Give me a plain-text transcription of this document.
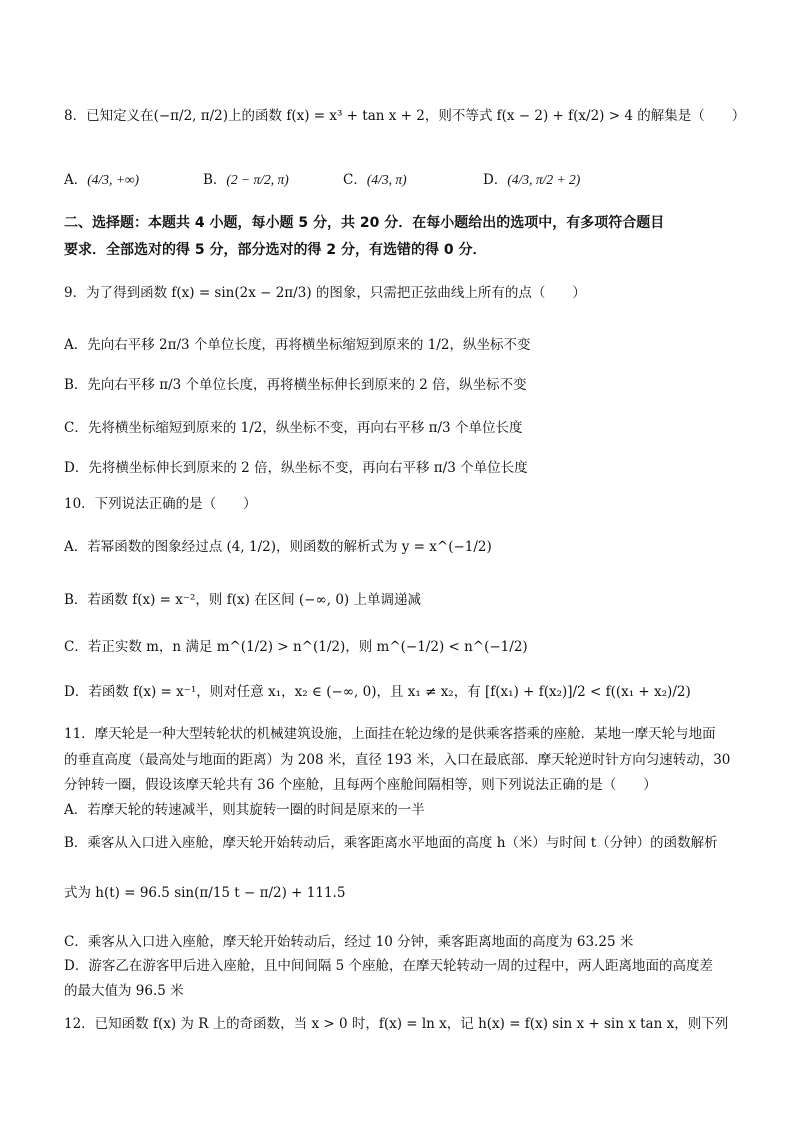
8．已知定义在(−π/2, π/2)上的函数 f(x) = x³ + tan x + 2，则不等式 f(x − 2) + f(x/2) > 4 的解集是（　　）
A．(4/3, +∞)	B．(2 − π/2, π)	C．(4/3, π)	D．(4/3, π/2 + 2)
二、选择题：本题共 4 小题，每小题 5 分，共 20 分．在每小题给出的选项中，有多项符合题目
要求．全部选对的得 5 分，部分选对的得 2 分，有选错的得 0 分．
9．为了得到函数 f(x) = sin(2x − 2π/3) 的图象，只需把正弦曲线上所有的点（　　）
A．先向右平移 2π/3 个单位长度，再将横坐标缩短到原来的 1/2，纵坐标不变
B．先向右平移 π/3 个单位长度，再将横坐标伸长到原来的 2 倍，纵坐标不变
C．先将横坐标缩短到原来的 1/2，纵坐标不变，再向右平移 π/3 个单位长度
D．先将横坐标伸长到原来的 2 倍，纵坐标不变，再向右平移 π/3 个单位长度
10．下列说法正确的是（　　）
A．若幂函数的图象经过点 (4, 1/2)，则函数的解析式为 y = x^(−1/2)
B．若函数 f(x) = x⁻²，则 f(x) 在区间 (−∞, 0) 上单调递减
C．若正实数 m，n 满足 m^(1/2) > n^(1/2)，则 m^(−1/2) < n^(−1/2)
D．若函数 f(x) = x⁻¹，则对任意 x₁，x₂ ∈ (−∞, 0)，且 x₁ ≠ x₂，有 [f(x₁) + f(x₂)]/2 < f((x₁ + x₂)/2)
11．摩天轮是一种大型转轮状的机械建筑设施，上面挂在轮边缘的是供乘客搭乘的座舱．某地一摩天轮与地面
的垂直高度（最高处与地面的距离）为 208 米，直径 193 米，入口在最底部．摩天轮逆时针方向匀速转动，30
分钟转一圈，假设该摩天轮共有 36 个座舱，且每两个座舱间隔相等，则下列说法正确的是（　　）
A．若摩天轮的转速减半，则其旋转一圈的时间是原来的一半
B．乘客从入口进入座舱，摩天轮开始转动后，乘客距离水平地面的高度 h（米）与时间 t（分钟）的函数解析
式为 h(t) = 96.5 sin(π/15 t − π/2) + 111.5
C．乘客从入口进入座舱，摩天轮开始转动后，经过 10 分钟，乘客距离地面的高度为 63.25 米
D．游客乙在游客甲后进入座舱，且中间间隔 5 个座舱，在摩天轮转动一周的过程中，两人距离地面的高度差
的最大值为 96.5 米
12．已知函数 f(x) 为 R 上的奇函数，当 x > 0 时，f(x) = ln x，记 h(x) = f(x) sin x + sin x tan x，则下列
